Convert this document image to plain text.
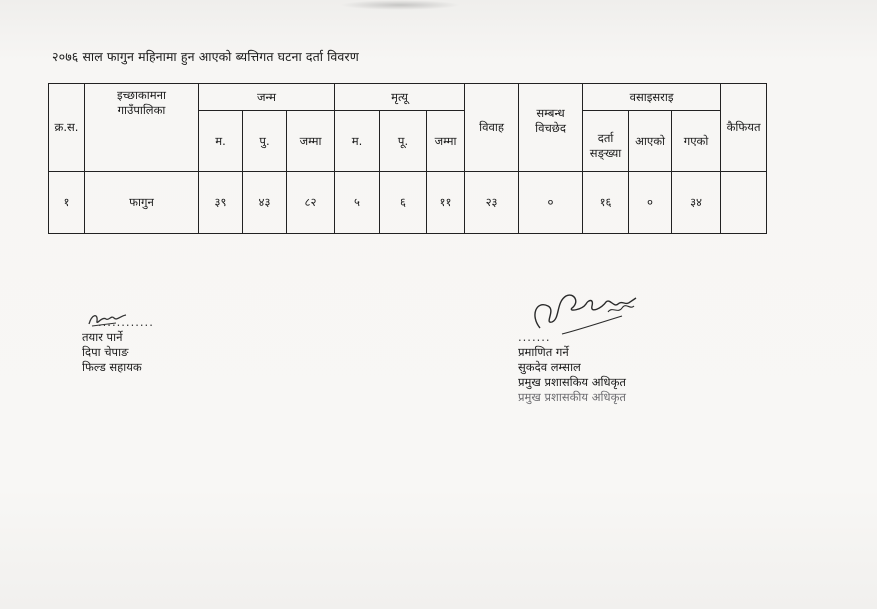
२०७६ साल फागुन महिनामा हुन आएको ब्यत्तिगत घटना दर्ता विवरण
क्र.स.	इच्छाकामना गाउँपालिका	जन्म			मृत्यू			विवाह	सम्बन्ध विचछेद	वसाइसराइ			कैफियत
		म.	पु.	जम्मा	म.	पू.	जम्मा			दर्ता सङ्ख्या	आएको	गएको	
१	फागुन	३९	४३	८२	५	६	११	२३	०	१६	०	३४	
............
तयार पार्ने
दिपा चेपाङ
फिल्ड सहायक
.......
प्रमाणित गर्ने
सुकदेव लम्साल
प्रमुख प्रशासकिय अधिकृत
प्रमुख प्रशासकीय अधिकृत
